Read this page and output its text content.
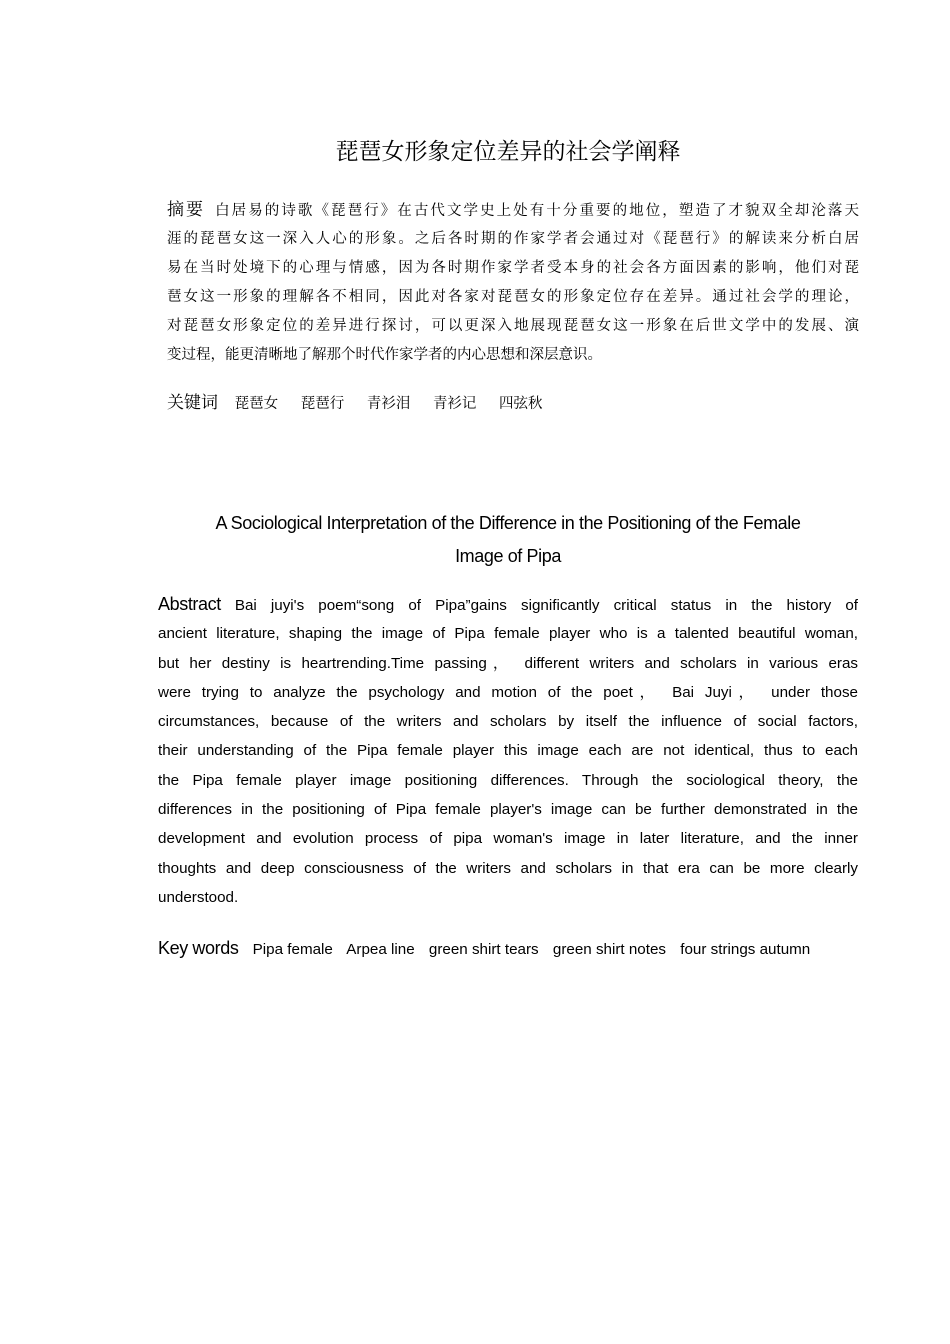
琵琶女形象定位差异的社会学阐释
摘要 白居易的诗歌《琵琶行》在古代文学史上处有十分重要的地位，塑造了才貌双全却沦落天
涯的琵琶女这一深入人心的形象。之后各时期的作家学者会通过对《琵琶行》的解读来分析白居
易在当时处境下的心理与情感，因为各时期作家学者受本身的社会各方面因素的影响，他们对琵
琶女这一形象的理解各不相同，因此对各家对琵琶女的形象定位存在差异。通过社会学的理论，
对琵琶女形象定位的差异进行探讨，可以更深入地展现琵琶女这一形象在后世文学中的发展、演
变过程，能更清晰地了解那个时代作家学者的内心思想和深层意识。
关键词 琵琶女 琵琶行 青衫泪 青衫记 四弦秋
A Sociological Interpretation of the Difference in the Positioning of the Female
Image of Pipa
Abstract Bai juyi's poem“song of Pipa”gains significantly critical status in the history of
ancient literature, shaping the image of Pipa female player who is a talented beautiful woman,
but her destiny is heartrending.Time passing， different writers and scholars in various eras
were trying to analyze the psychology and motion of the poet， Bai Juyi， under those
circumstances, because of the writers and scholars by itself the influence of social factors,
their understanding of the Pipa female player this image each are not identical, thus to each
the Pipa female player image positioning differences. Through the sociological theory, the
differences in the positioning of Pipa female player's image can be further demonstrated in the
development and evolution process of pipa woman's image in later literature, and the inner
thoughts and deep consciousness of the writers and scholars in that era can be more clearly
understood.
Key words Pipa female Arpea line green shirt tears green shirt notes four strings autumn
